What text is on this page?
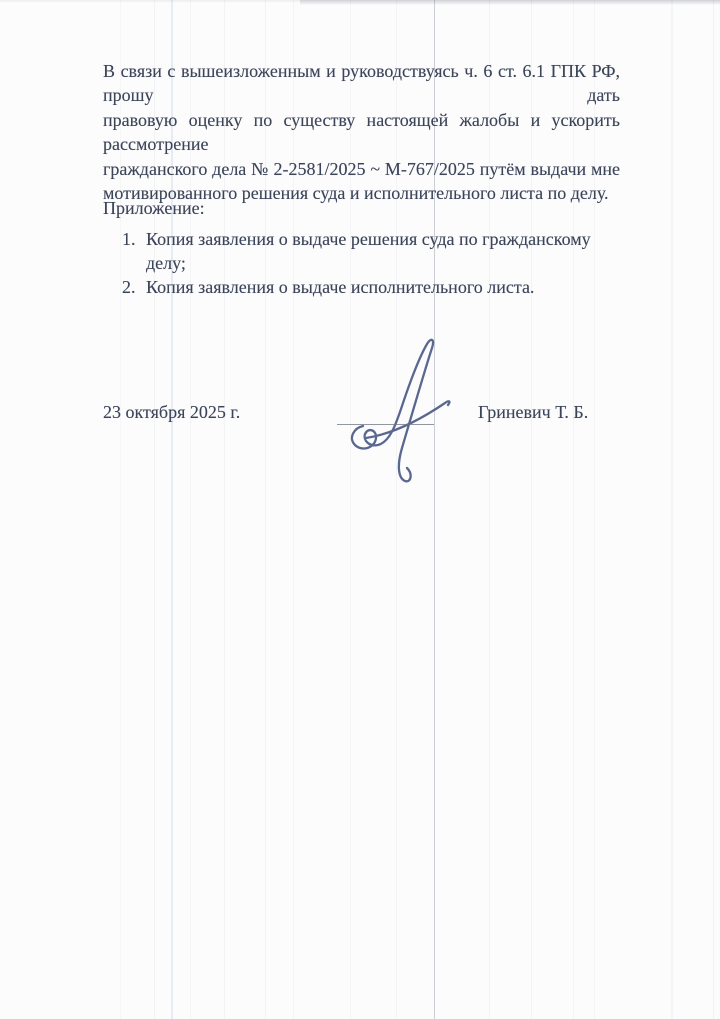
В связи с вышеизложенным и руководствуясь ч. 6 ст. 6.1 ГПК РФ, прошу дать
правовую оценку по существу настоящей жалобы и ускорить рассмотрение
гражданского дела № 2-2581/2025 ~ М-767/2025 путём выдачи мне
мотивированного решения суда и исполнительного листа по делу.
Приложение:
1. Копия заявления о выдаче решения суда по гражданскому делу;
2. Копия заявления о выдаче исполнительного листа.
23 октября 2025 г.	Гриневич Т. Б.
